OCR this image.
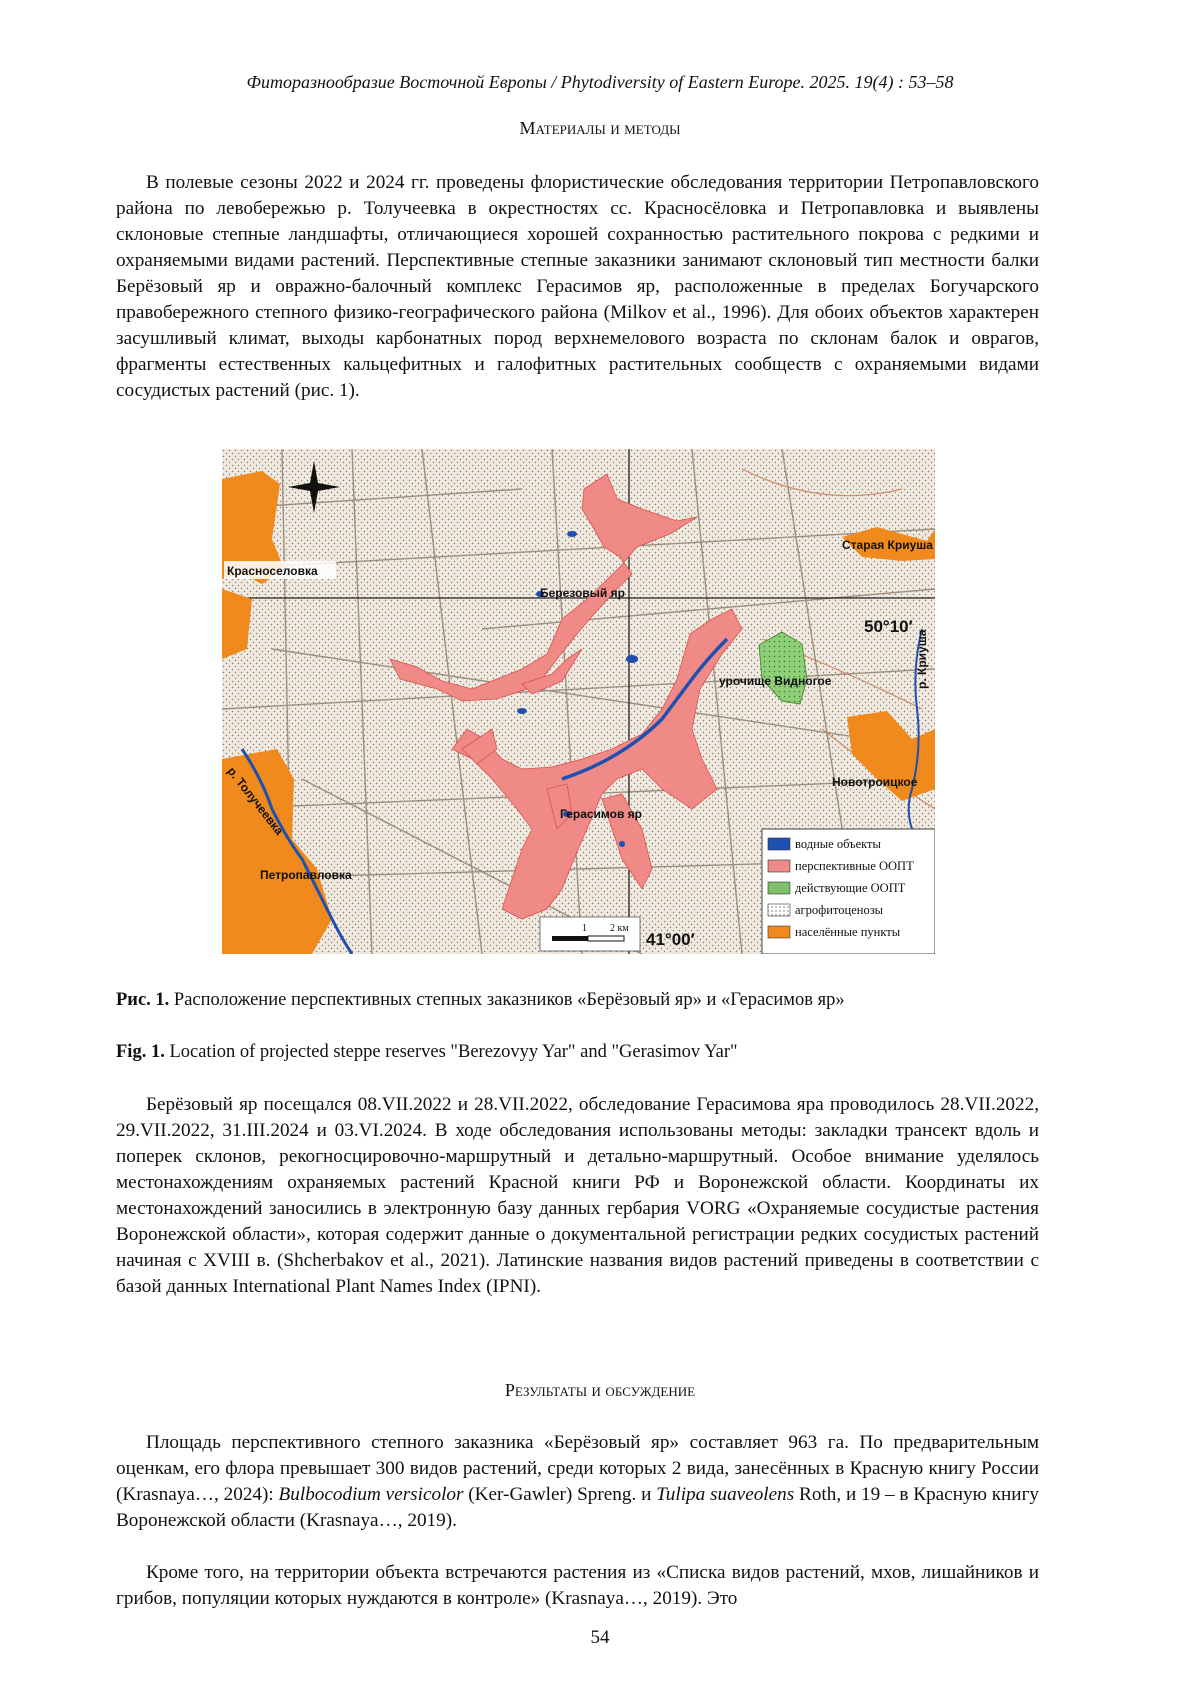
Фиторазнообразие Восточной Европы / Phytodiversity of Eastern Europe. 2025. 19(4) : 53–58
Материалы и методы

В полевые сезоны 2022 и 2024 гг. проведены флористические обследования территории Петропавловского района по левобережью р. Толучеевка в окрестностях сс. Красносёловка и Петропавловка и выявлены склоновые степные ландшафты, отличающиеся хорошей сохранностью растительного покрова с редкими и охраняемыми видами растений. Перспективные степные заказники занимают склоновый тип местности балки Берёзовый яр и овражно-балочный комплекс Герасимов яр, расположенные в пределах Богучарского правобережного степного физико-географического района (Milkov et al., 1996). Для обоих объектов характерен засушливый климат, выходы карбонатных пород верхнемелового возраста по склонам балок и оврагов, фрагменты естественных кальцефитных и галофитных растительных сообществ с охраняемыми видами сосудистых растений (рис. 1).

Красноселовка
Старая Криуша
Березовый яр
50°10′
урочище Видногое	р. Криуша
Новотроицкое
р. Толучеевка	Герасимов яр
Петропавловка
1 2 км
41°00′
водные объекты
перспективные ООПТ
действующие ООПТ
агрофитоценозы
населённые пункты

Рис. 1. Расположение перспективных степных заказников «Берёзовый яр» и «Герасимов яр»

Fig. 1. Location of projected steppe reserves "Berezovyy Yar" and "Gerasimov Yar"

Берёзовый яр посещался 08.VII.2022 и 28.VII.2022, обследование Герасимова яра проводилось 28.VII.2022, 29.VII.2022, 31.III.2024 и 03.VI.2024. В ходе обследования использованы методы: закладки трансект вдоль и поперек склонов, рекогносцировочно-маршрутный и детально-маршрутный. Особое внимание уделялось местонахождениям охраняемых растений Красной книги РФ и Воронежской области. Координаты их местонахождений заносились в электронную базу данных гербария VORG «Охраняемые сосудистые растения Воронежской области», которая содержит данные о документальной регистрации редких сосудистых растений начиная с XVIII в. (Shcherbakov et al., 2021). Латинские названия видов растений приведены в соответствии с базой данных International Plant Names Index (IPNI).

Результаты и обсуждение

Площадь перспективного степного заказника «Берёзовый яр» составляет 963 га. По предварительным оценкам, его флора превышает 300 видов растений, среди которых 2 вида, занесённых в Красную книгу России (Krasnaya…, 2024): Bulbocodium versicolor (Ker-Gawler) Spreng. и Tulipa suaveolens Roth, и 19 – в Красную книгу Воронежской области (Krasnaya…, 2019).

Кроме того, на территории объекта встречаются растения из «Списка видов растений, мхов, лишайников и грибов, популяции которых нуждаются в контроле» (Krasnaya…, 2019). Это

54
